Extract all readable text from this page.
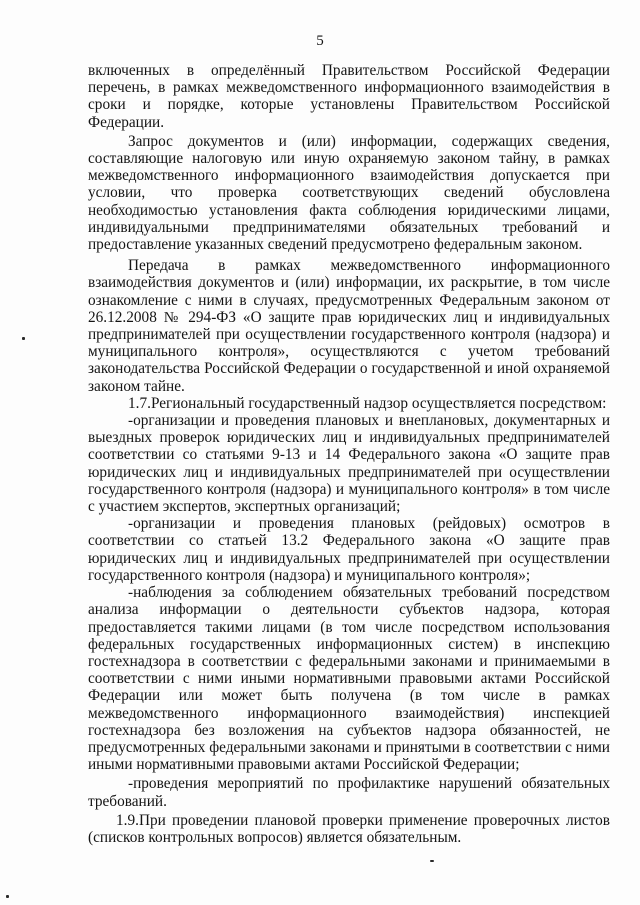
5

включенных в определённый Правительством Российской Федерации перечень, в рамках межведомственного информационного взаимодействия в сроки и порядке, которые установлены Правительством Российской Федерации.

Запрос документов и (или) информации, содержащих сведения, составляющие налоговую или иную охраняемую законом тайну, в рамках межведомственного информационного взаимодействия допускается при условии, что проверка соответствующих сведений обусловлена необходимостью установления факта соблюдения юридическими лицами, индивидуальными предпринимателями обязательных требований и предоставление указанных сведений предусмотрено федеральным законом.

Передача в рамках межведомственного информационного взаимодействия документов и (или) информации, их раскрытие, в том числе ознакомление с ними в случаях, предусмотренных Федеральным законом от 26.12.2008 № 294-ФЗ «О защите прав юридических лиц и индивидуальных предпринимателей при осуществлении государственного контроля (надзора) и муниципального контроля», осуществляются с учетом требований законодательства Российской Федерации о государственной и иной охраняемой законом тайне.

1.7.Региональный государственный надзор осуществляется посредством:

-организации и проведения плановых и внеплановых, документарных и выездных проверок юридических лиц и индивидуальных предпринимателей соответствии со статьями 9-13 и 14 Федерального закона «О защите прав юридических лиц и индивидуальных предпринимателей при осуществлении государственного контроля (надзора) и муниципального контроля» в том числе с участием экспертов, экспертных организаций;

-организации и проведения плановых (рейдовых) осмотров в соответствии со статьей 13.2 Федерального закона «О защите прав юридических лиц и индивидуальных предпринимателей при осуществлении государственного контроля (надзора) и муниципального контроля»;

-наблюдения за соблюдением обязательных требований посредством анализа информации о деятельности субъектов надзора, которая предоставляется такими лицами (в том числе посредством использования федеральных государственных информационных систем) в инспекцию гостехнадзора в соответствии с федеральными законами и принимаемыми в соответствии с ними иными нормативными правовыми актами Российской Федерации или может быть получена (в том числе в рамках межведомственного информационного взаимодействия) инспекцией гостехнадзора без возложения на субъектов надзора обязанностей, не предусмотренных федеральными законами и принятыми в соответствии с ними иными нормативными правовыми актами Российской Федерации;

-проведения мероприятий по профилактике нарушений обязательных требований.

1.9.При проведении плановой проверки применение проверочных листов (списков контрольных вопросов) является обязательным.
